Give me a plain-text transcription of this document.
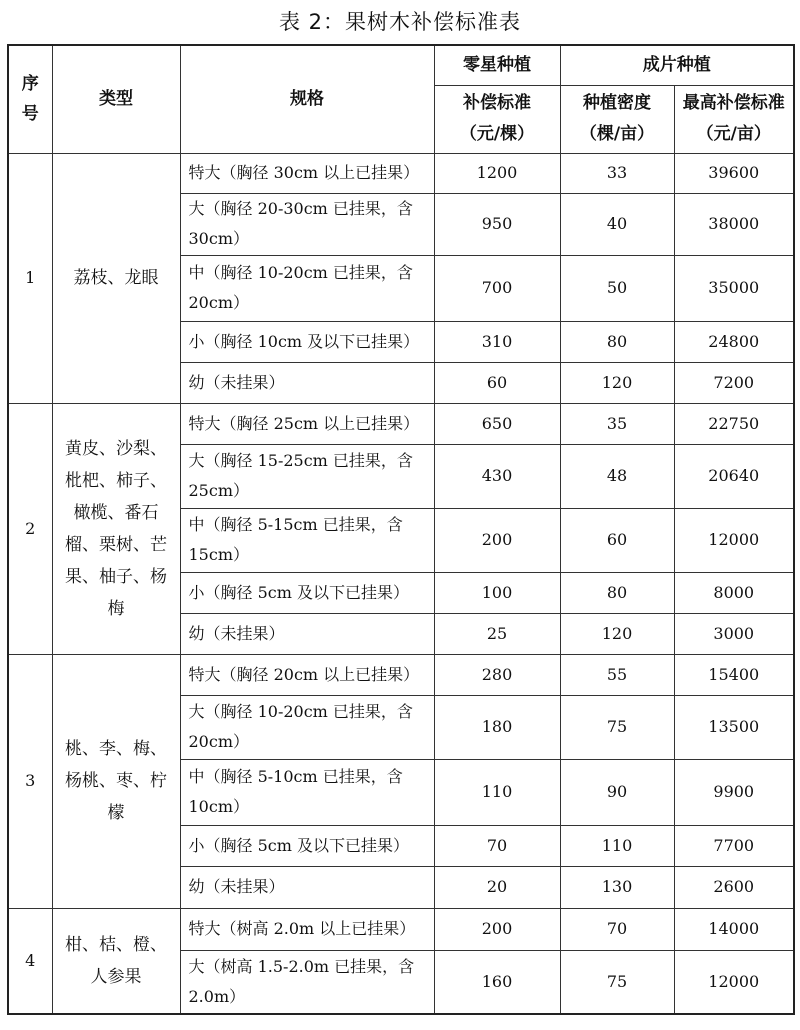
表 2：果树木补偿标准表
序号	类型	规格	零星种植	成片种植	
			补偿标准（元/棵）	种植密度（棵/亩）	最高补偿标准（元/亩）
1	荔枝、龙眼	特大（胸径 30cm 以上已挂果）	1200	33	39600
		大（胸径 20-30cm 已挂果，含 30cm）	950	40	38000
		中（胸径 10-20cm 已挂果，含 20cm）	700	50	35000
		小（胸径 10cm 及以下已挂果）	310	80	24800
		幼（未挂果）	60	120	7200
2	黄皮、沙梨、枇杷、柿子、橄榄、番石榴、栗树、芒果、柚子、杨梅	特大（胸径 25cm 以上已挂果）	650	35	22750
		大（胸径 15-25cm 已挂果，含 25cm）	430	48	20640
		中（胸径 5-15cm 已挂果，含 15cm）	200	60	12000
		小（胸径 5cm 及以下已挂果）	100	80	8000
		幼（未挂果）	25	120	3000
3	桃、李、梅、杨桃、枣、柠檬	特大（胸径 20cm 以上已挂果）	280	55	15400
		大（胸径 10-20cm 已挂果，含 20cm）	180	75	13500
		中（胸径 5-10cm 已挂果，含 10cm）	110	90	9900
		小（胸径 5cm 及以下已挂果）	70	110	7700
		幼（未挂果）	20	130	2600
4	柑、桔、橙、人参果	特大（树高 2.0m 以上已挂果）	200	70	14000
		大（树高 1.5-2.0m 已挂果，含 2.0m）	160	75	12000
